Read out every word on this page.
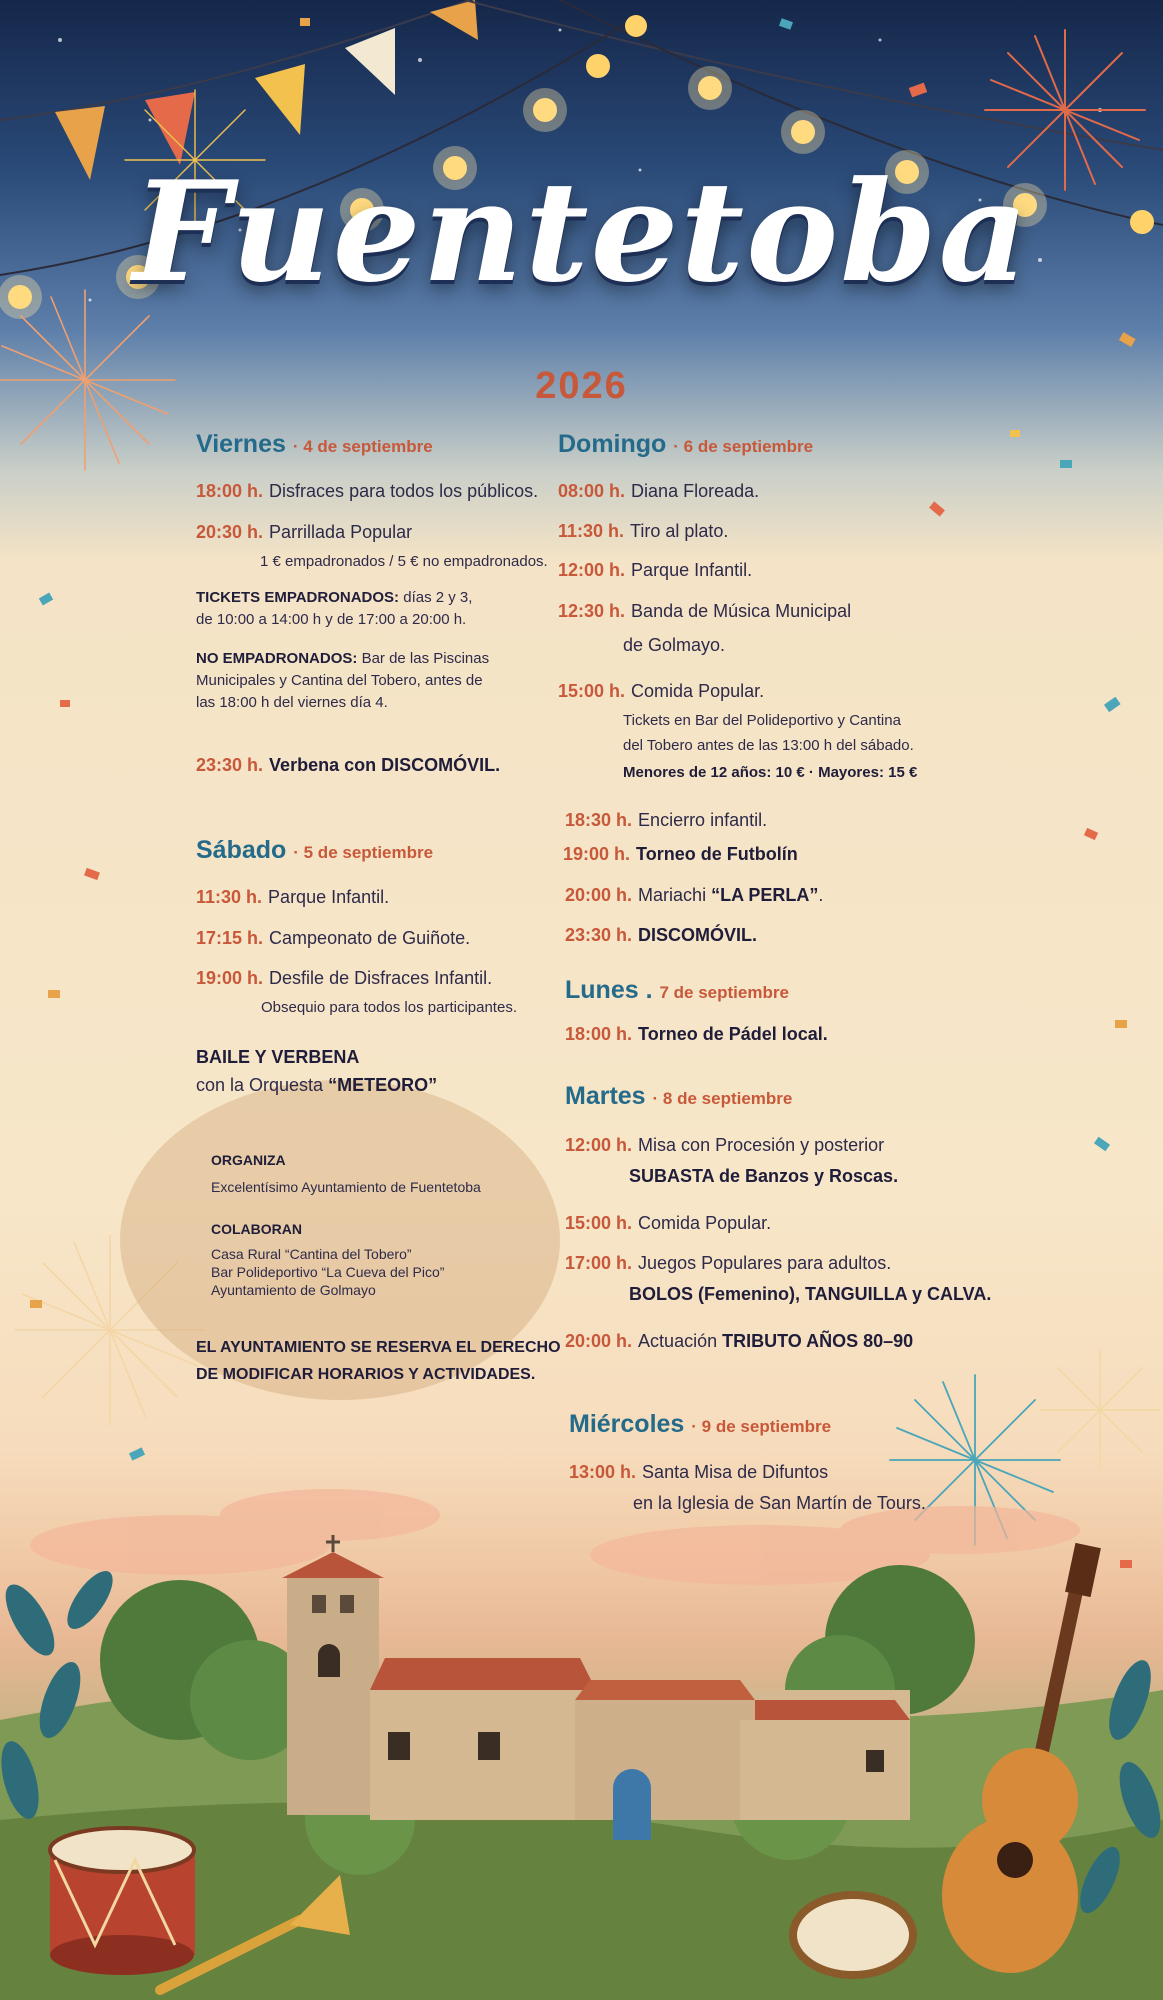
Fuentetoba
2026
Viernes · 4 de septiembre
18:00 h. Disfraces para todos los públicos.
20:30 h. Parrillada Popular
1 € empadronados / 5 € no empadronados.
TICKETS EMPADRONADOS: días 2 y 3,
de 10:00 a 14:00 h y de 17:00 a 20:00 h.
NO EMPADRONADOS: Bar de las Piscinas
Municipales y Cantina del Tobero, antes de
las 18:00 h del viernes día 4.
23:30 h. Verbena con DISCOMÓVIL.
Sábado · 5 de septiembre
11:30 h. Parque Infantil.
17:15 h. Campeonato de Guiñote.
19:00 h. Desfile de Disfraces Infantil.
Obsequio para todos los participantes.
BAILE Y VERBENA
con la Orquesta “METEORO”
ORGANIZA
Excelentísimo Ayuntamiento de Fuentetoba
COLABORAN
Casa Rural “Cantina del Tobero”
Bar Polideportivo “La Cueva del Pico”
Ayuntamiento de Golmayo
EL AYUNTAMIENTO SE RESERVA EL DERECHO
DE MODIFICAR HORARIOS Y ACTIVIDADES.
Domingo · 6 de septiembre
08:00 h. Diana Floreada.
11:30 h. Tiro al plato.
12:00 h. Parque Infantil.
12:30 h. Banda de Música Municipal
de Golmayo.
15:00 h. Comida Popular.
Tickets en Bar del Polideportivo y Cantina
del Tobero antes de las 13:00 h del sábado.
Menores de 12 años: 10 € · Mayores: 15 €
18:30 h. Encierro infantil.
19:00 h. Torneo de Futbolín
20:00 h. Mariachi “LA PERLA”.
23:30 h. DISCOMÓVIL.
Lunes . 7 de septiembre
18:00 h. Torneo de Pádel local.
Martes · 8 de septiembre
12:00 h. Misa con Procesión y posterior
SUBASTA de Banzos y Roscas.
15:00 h. Comida Popular.
17:00 h. Juegos Populares para adultos.
BOLOS (Femenino), TANGUILLA y CALVA.
20:00 h. Actuación TRIBUTO AÑOS 80–90
Miércoles · 9 de septiembre
13:00 h. Santa Misa de Difuntos
en la Iglesia de San Martín de Tours.
